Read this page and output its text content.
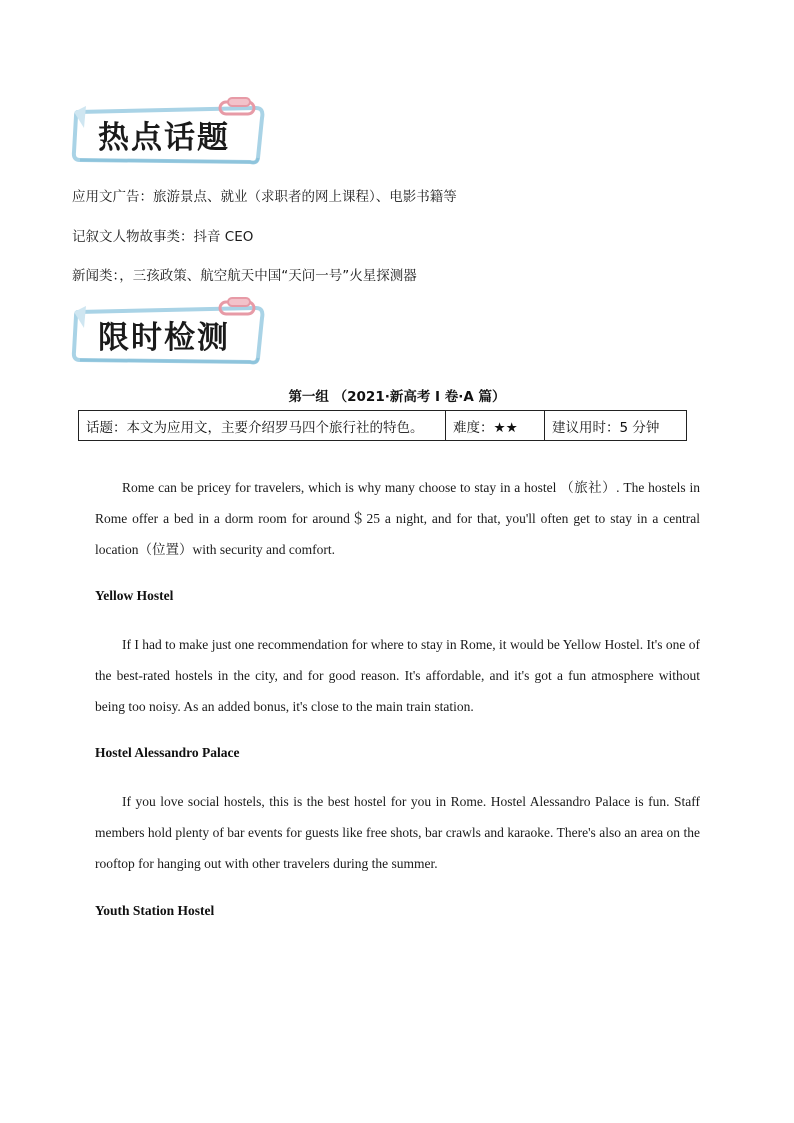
热点话题
应用文广告：旅游景点、就业（求职者的网上课程）、电影书籍等
记叙文人物故事类：抖音 CEO
新闻类：，三孩政策、航空航天中国“天问一号”火星探测器
限时检测
第一组 （2021·新高考 I 卷·A 篇）
话题：本文为应用文，主要介绍罗马四个旅行社的特色。	难度：★★	建议用时：5 分钟
Rome can be pricey for travelers, which is why many choose to stay in a hostel （旅社）. The hostels in Rome offer a bed in a dorm room for around＄25 a night, and for that, you'll often get to stay in a central location（位置）with security and comfort.
Yellow Hostel
If I had to make just one recommendation for where to stay in Rome, it would be Yellow Hostel. It's one of the best-rated hostels in the city, and for good reason. It's affordable, and it's got a fun atmosphere without being too noisy. As an added bonus, it's close to the main train station.
Hostel Alessandro Palace
If you love social hostels, this is the best hostel for you in Rome. Hostel Alessandro Palace is fun. Staff members hold plenty of bar events for guests like free shots, bar crawls and karaoke. There's also an area on the rooftop for hanging out with other travelers during the summer.
Youth Station Hostel
